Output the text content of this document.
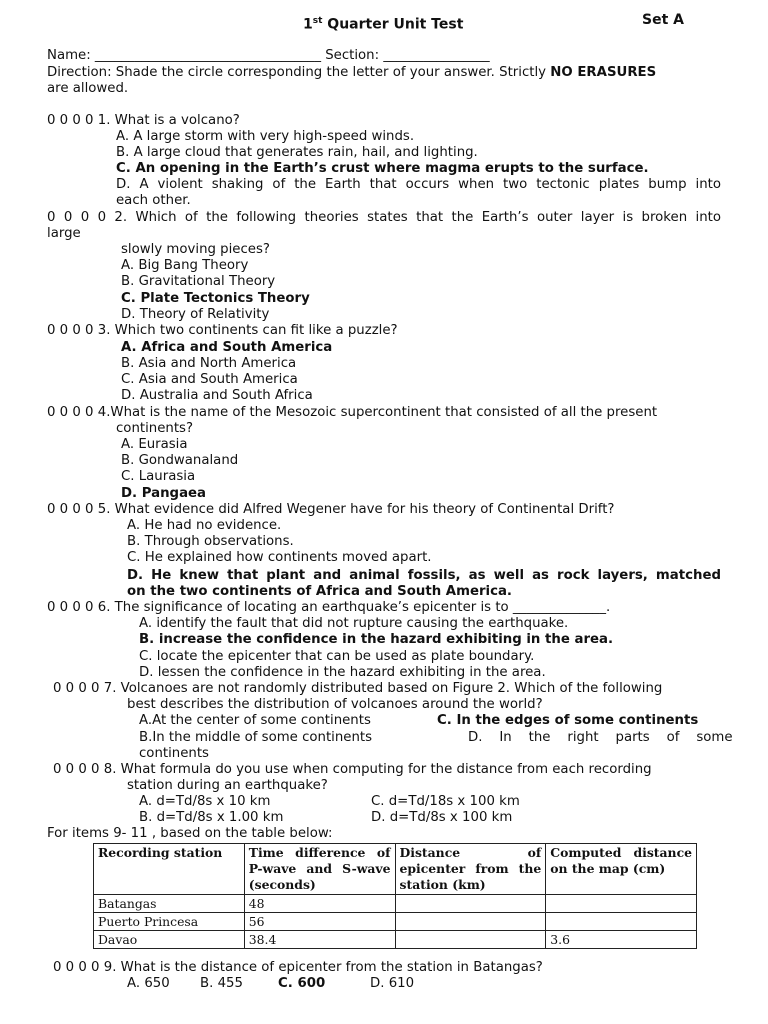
1st Quarter Unit Test	Set A
Name: __________________________________ Section: ________________
Direction: Shade the circle corresponding the letter of your answer. Strictly NO ERASURES
are allowed.
0 0 0 0 1. What is a volcano?
A. A large storm with very high-speed winds.
B. A large cloud that generates rain, hail, and lighting.
C. An opening in the Earth’s crust where magma erupts to the surface.
D. A violent shaking of the Earth that occurs when two tectonic plates bump into
each other.
0 0 0 0 2. Which of the following theories states that the Earth’s outer layer is broken into
large
slowly moving pieces?
A. Big Bang Theory
B. Gravitational Theory
C. Plate Tectonics Theory
D. Theory of Relativity
0 0 0 0 3. Which two continents can fit like a puzzle?
A. Africa and South America
B. Asia and North America
C. Asia and South America
D. Australia and South Africa
0 0 0 0 4.What is the name of the Mesozoic supercontinent that consisted of all the present
continents?
A. Eurasia
B. Gondwanaland
C. Laurasia
D. Pangaea
0 0 0 0 5. What evidence did Alfred Wegener have for his theory of Continental Drift?
A. He had no evidence.
B. Through observations.
C. He explained how continents moved apart.
D. He knew that plant and animal fossils, as well as rock layers, matched
on the two continents of Africa and South America.
0 0 0 0 6. The significance of locating an earthquake’s epicenter is to ______________.
A. identify the fault that did not rupture causing the earthquake.
B. increase the confidence in the hazard exhibiting in the area.
C. locate the epicenter that can be used as plate boundary.
D. lessen the confidence in the hazard exhibiting in the area.
0 0 0 0 7. Volcanoes are not randomly distributed based on Figure 2. Which of the following
best describes the distribution of volcanoes around the world?
A.At the center of some continents	C. In the edges of some continents
B.In the middle of some continents	D.    In    the    right    parts    of    some
continents
0 0 0 0 8. What formula do you use when computing for the distance from each recording
station during an earthquake?
A. d=Td/8s x 10 km	C. d=Td/18s x 100 km
B. d=Td/8s x 1.00 km	D. d=Td/8s x 100 km
For items 9- 11 , based on the table below:
Recording station	Time difference of P-wave and S-wave (seconds)	Distance of epicenter from the station (km)	Computed distance on the map (cm)
Batangas	48		
Puerto Princesa	56		
Davao	38.4		3.6
0 0 0 0 9. What is the distance of epicenter from the station in Batangas?
A. 650 B. 455	C. 600	D. 610
